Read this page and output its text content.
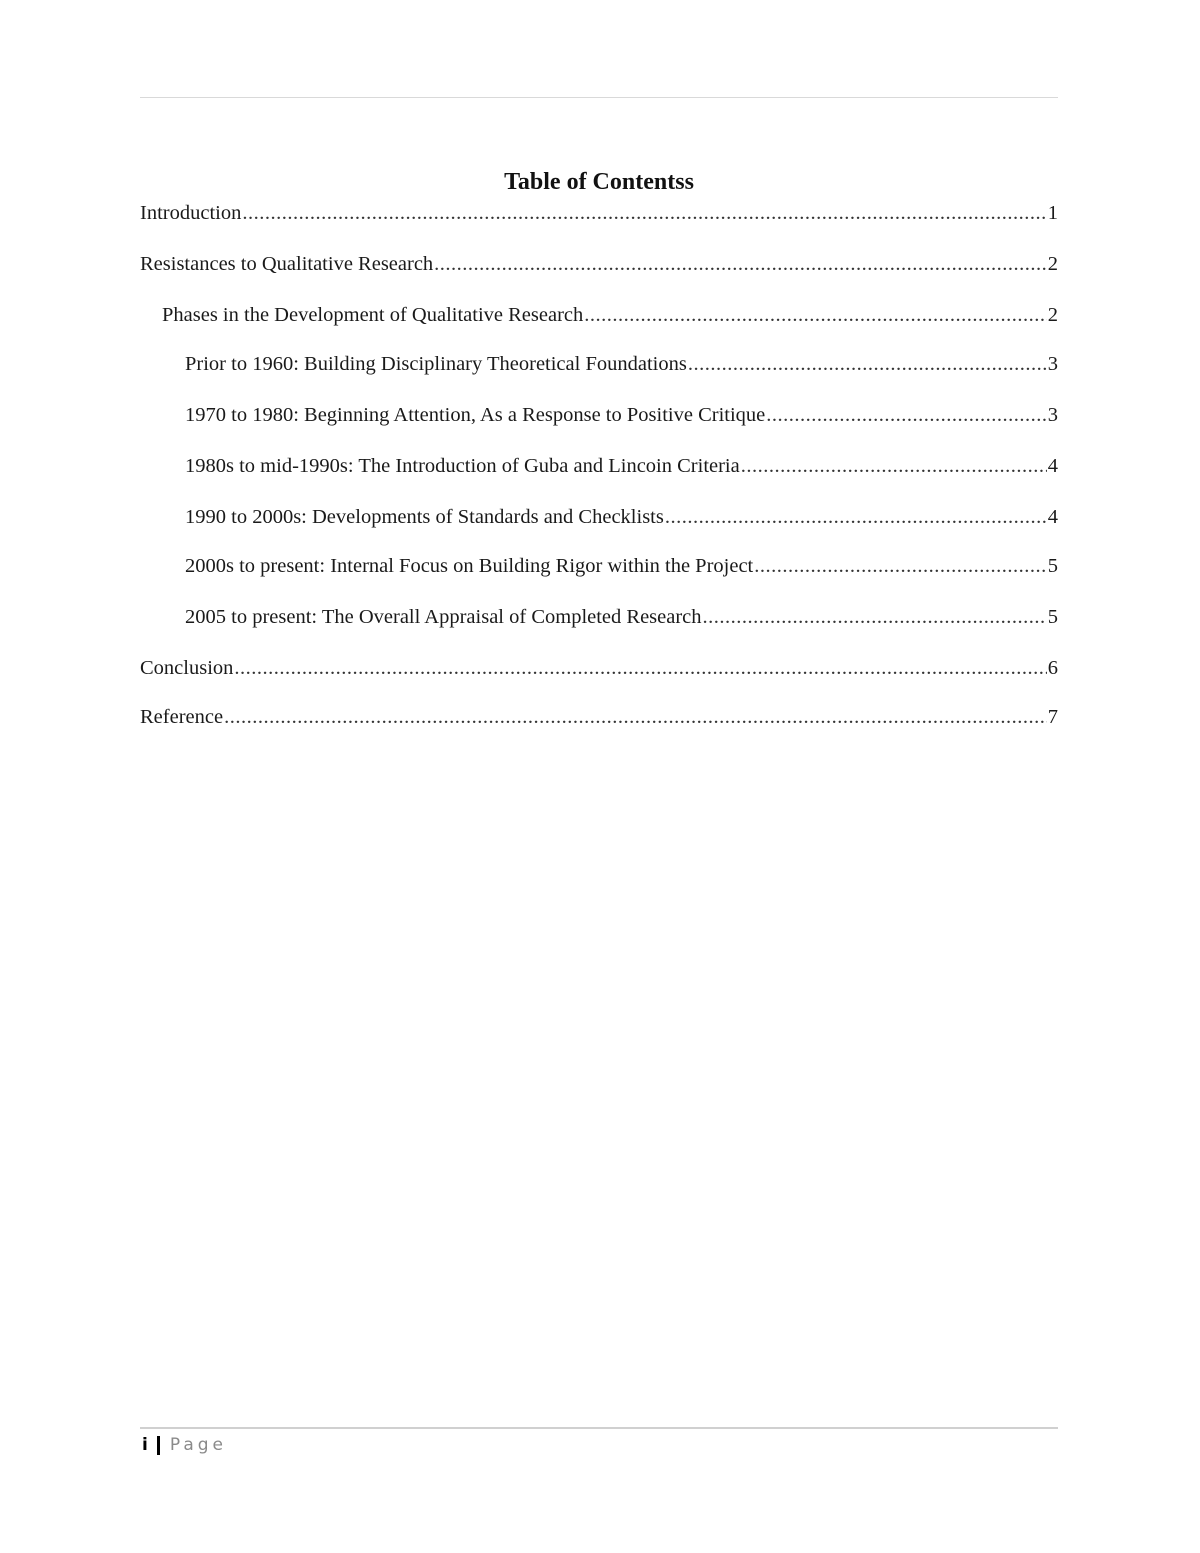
Table of Contentss
Introduction .....	1
Resistances to Qualitative Research .....	2
Phases in the Development of Qualitative Research .....	2
Prior to 1960: Building Disciplinary Theoretical Foundations .....	3
1970 to 1980: Beginning Attention, As a Response to Positive Critique .....	3
1980s to mid-1990s: The Introduction of Guba and Lincoin Criteria .....	4
1990 to 2000s: Developments of Standards and Checklists .....	4
2000s to present: Internal Focus on Building Rigor within the Project .....	5
2005 to present: The Overall Appraisal of Completed Research .....	5
Conclusion .....	6
Reference .....	7
i Page
